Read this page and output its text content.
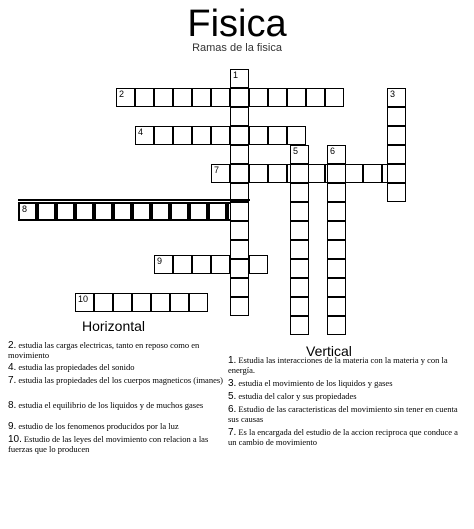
Fisica
Ramas de la fisica
2
4
7
8
9
10
1
3
5	6
Horizontal
Vertical
2. estudia las cargas electricas, tanto en reposo como en movimiento
4. estudia las propiedades del sonido
7. estudia las propiedades del los cuerpos magneticos (imanes)
8. estudia el equilibrio de los liquidos y de muchos gases
9. estudio de los fenomenos producidos por la luz
10. Estudio de las leyes del movimiento con relacion a las fuerzas que lo producen
1. Estudia las interacciones de la materia con la materia y con la energía.
3. estudia el movimiento de los liquidos y gases
5. estudia del calor y sus propiedades
6. Estudio de las caracteristicas del movimiento sin tener en cuenta sus causas
7. Es la encargada del estudio de la accion reciproca que conduce a un cambio de movimiento
